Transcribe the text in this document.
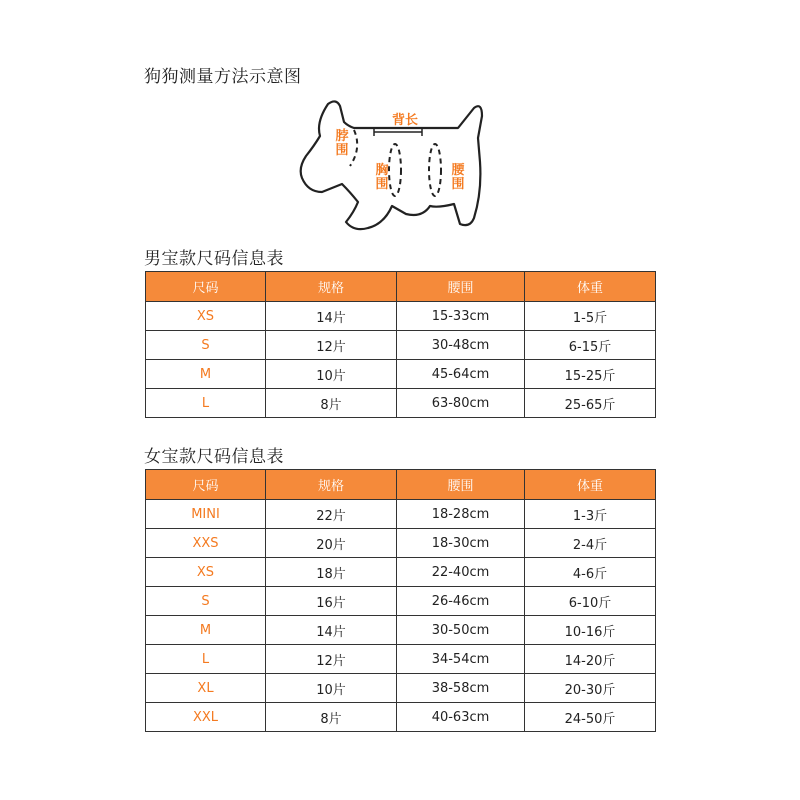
狗狗测量方法示意图
背长
脖围
胸围
腰围
男宝款尺码信息表
尺码	规格	腰围	体重
XS	14片	15-33cm	1-5斤
S	12片	30-48cm	6-15斤
M	10片	45-64cm	15-25斤
L	8片	63-80cm	25-65斤
女宝款尺码信息表
尺码	规格	腰围	体重
MINI	22片	18-28cm	1-3斤
XXS	20片	18-30cm	2-4斤
XS	18片	22-40cm	4-6斤
S	16片	26-46cm	6-10斤
M	14片	30-50cm	10-16斤
L	12片	34-54cm	14-20斤
XL	10片	38-58cm	20-30斤
XXL	8片	40-63cm	24-50斤
